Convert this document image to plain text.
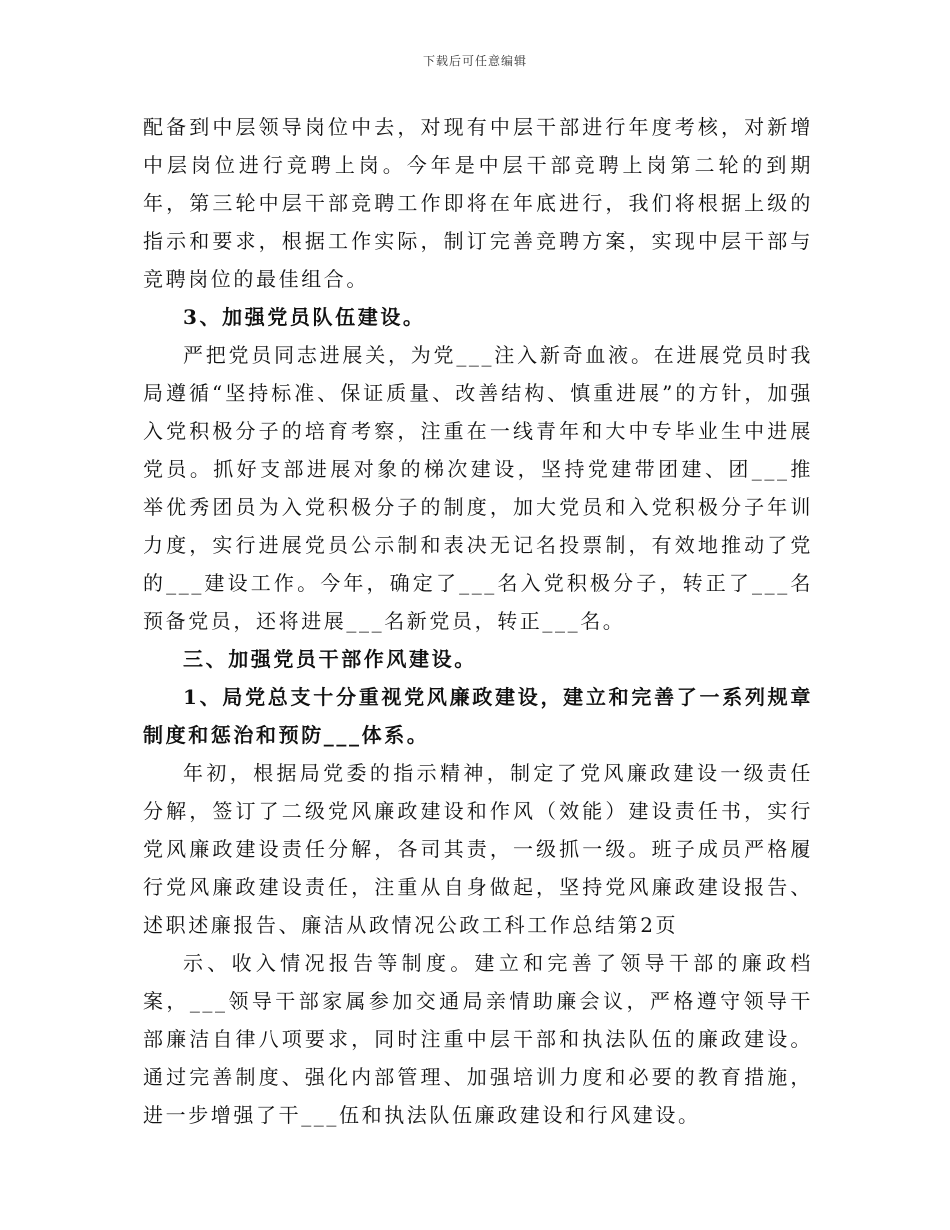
下载后可任意编辑

配备到中层领导岗位中去，对现有中层干部进行年度考核，对新增中层岗位进行竞聘上岗。今年是中层干部竞聘上岗第二轮的到期年，第三轮中层干部竞聘工作即将在年底进行，我们将根据上级的指示和要求，根据工作实际，制订完善竞聘方案，实现中层干部与竞聘岗位的最佳组合。

3、加强党员队伍建设。

严把党员同志进展关，为党___注入新奇血液。在进展党员时我局遵循“坚持标准、保证质量、改善结构、慎重进展”的方针，加强入党积极分子的培育考察，注重在一线青年和大中专毕业生中进展党员。抓好支部进展对象的梯次建设，坚持党建带团建、团___推举优秀团员为入党积极分子的制度，加大党员和入党积极分子年训力度，实行进展党员公示制和表决无记名投票制，有效地推动了党的___建设工作。今年，确定了___名入党积极分子，转正了___名预备党员，还将进展___名新党员，转正___名。

三、加强党员干部作风建设。

1、局党总支十分重视党风廉政建设，建立和完善了一系列规章制度和惩治和预防___体系。

年初，根据局党委的指示精神，制定了党风廉政建设一级责任分解，签订了二级党风廉政建设和作风（效能）建设责任书，实行党风廉政建设责任分解，各司其责，一级抓一级。班子成员严格履行党风廉政建设责任，注重从自身做起，坚持党风廉政建设报告、述职述廉报告、廉洁从政情况公政工科工作总结第2页

示、收入情况报告等制度。建立和完善了领导干部的廉政档案，___领导干部家属参加交通局亲情助廉会议，严格遵守领导干部廉洁自律八项要求，同时注重中层干部和执法队伍的廉政建设。通过完善制度、强化内部管理、加强培训力度和必要的教育措施，进一步增强了干___伍和执法队伍廉政建设和行风建设。
